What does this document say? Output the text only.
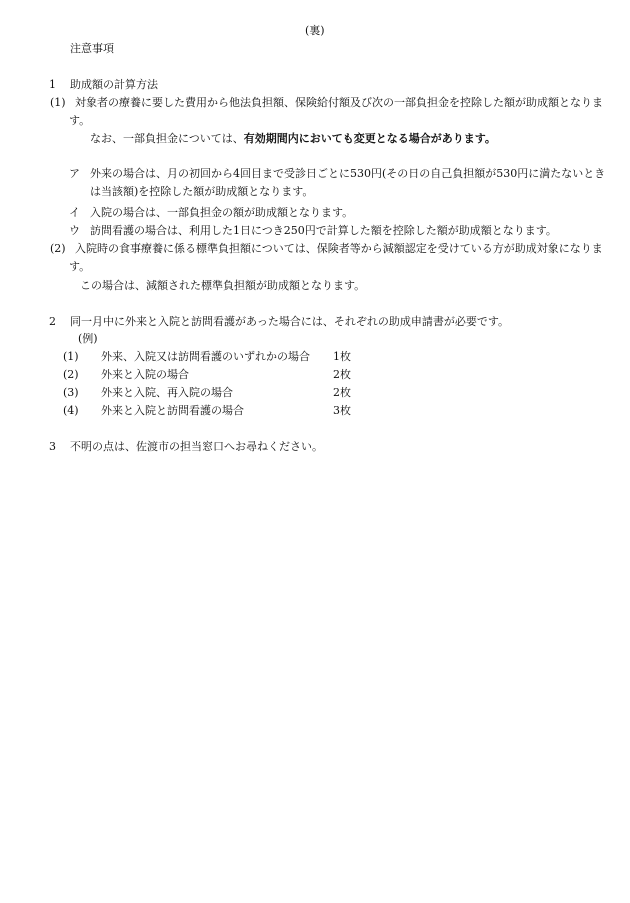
(裏)
注意事項
1 助成額の計算方法
(1) 対象者の療養に要した費用から他法負担額、保険給付額及び次の一部負担金を控除した額が助成額となりま
す。
なお、一部負担金については、有効期間内においても変更となる場合があります。
ア 外来の場合は、月の初回から4回目まで受診日ごとに530円(その日の自己負担額が530円に満たないとき
は当該額)を控除した額が助成額となります。
イ 入院の場合は、一部負担金の額が助成額となります。
ウ 訪問看護の場合は、利用した1日につき250円で計算した額を控除した額が助成額となります。
(2) 入院時の食事療養に係る標準負担額については、保険者等から減額認定を受けている方が助成対象になりま
す。
この場合は、減額された標準負担額が助成額となります。
2 同一月中に外来と入院と訪問看護があった場合には、それぞれの助成申請書が必要です。
(例)
(1) 外来、入院又は訪問看護のいずれかの場合 1枚
(2) 外来と入院の場合	2枚
(3) 外来と入院、再入院の場合	2枚
(4) 外来と入院と訪問看護の場合	3枚
3 不明の点は、佐渡市の担当窓口へお尋ねください。
